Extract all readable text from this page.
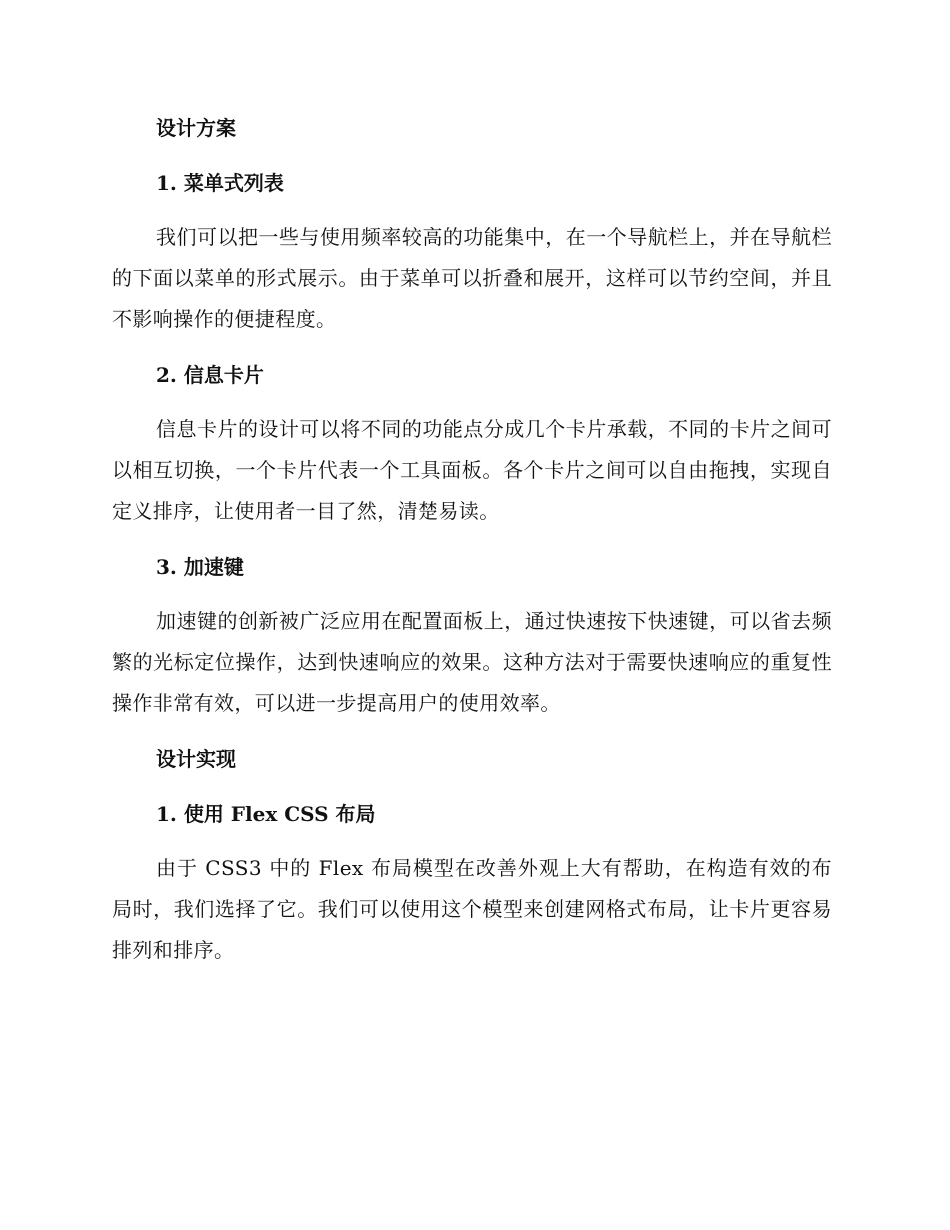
设计方案
1. 菜单式列表

我们可以把一些与使用频率较高的功能集中，在一个导航栏上，并在导航栏的下面以菜单的形式展示。由于菜单可以折叠和展开，这样可以节约空间，并且不影响操作的便捷程度。

2. 信息卡片

信息卡片的设计可以将不同的功能点分成几个卡片承载，不同的卡片之间可以相互切换，一个卡片代表一个工具面板。各个卡片之间可以自由拖拽，实现自定义排序，让使用者一目了然，清楚易读。

3. 加速键

加速键的创新被广泛应用在配置面板上，通过快速按下快速键，可以省去频繁的光标定位操作，达到快速响应的效果。这种方法对于需要快速响应的重复性操作非常有效，可以进一步提高用户的使用效率。

设计实现
1. 使用 Flex CSS 布局

由于 CSS3 中的 Flex 布局模型在改善外观上大有帮助，在构造有效的布局时，我们选择了它。我们可以使用这个模型来创建网格式布局，让卡片更容易排列和排序。
